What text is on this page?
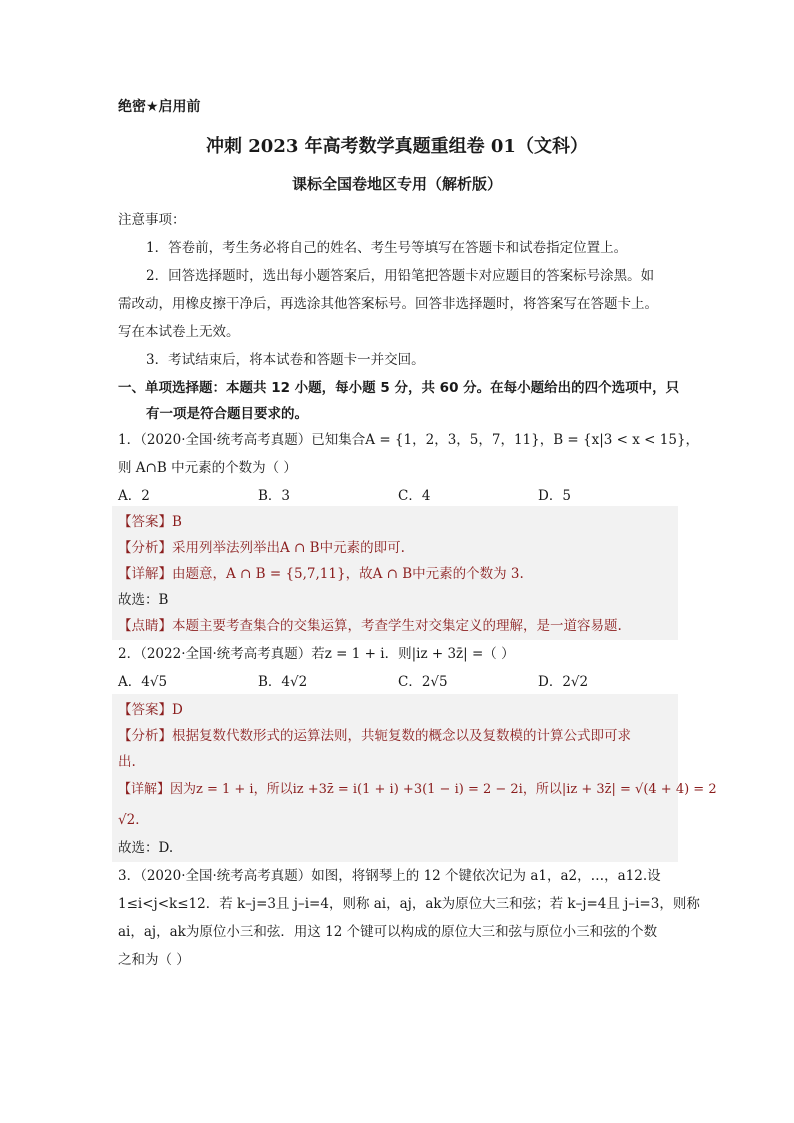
绝密★启用前
冲刺 2023 年高考数学真题重组卷 01（文科）
课标全国卷地区专用（解析版）
注意事项：
1．答卷前，考生务必将自己的姓名、考生号等填写在答题卡和试卷指定位置上。
2．回答选择题时，选出每小题答案后，用铅笔把答题卡对应题目的答案标号涂黑。如
需改动，用橡皮擦干净后，再选涂其他答案标号。回答非选择题时，将答案写在答题卡上。
写在本试卷上无效。
3．考试结束后，将本试卷和答题卡一并交回。
一、单项选择题：本题共 12 小题，每小题 5 分，共 60 分。在每小题给出的四个选项中，只
有一项是符合题目要求的。
1．（2020·全国·统考高考真题）已知集合A = {1，2，3，5，7，11}，B = {x|3 < x < 15}，
则 A∩B 中元素的个数为（ ）
A．2	B．3	C．4	D．5
【答案】B
【分析】采用列举法列举出A ∩ B中元素的即可.
【详解】由题意，A ∩ B = {5,7,11}，故A ∩ B中元素的个数为 3.
故选：B
【点睛】本题主要考查集合的交集运算，考查学生对交集定义的理解，是一道容易题.
2．（2022·全国·统考高考真题）若z = 1 + i．则|iz + 3z̄| =（ ）
A．4√5	B．4√2	C．2√5	D．2√2
【答案】D
【分析】根据复数代数形式的运算法则，共轭复数的概念以及复数模的计算公式即可求
出.
【详解】因为z = 1 + i，所以iz +3z̄ = i(1 + i) +3(1 − i) = 2 − 2i，所以|iz + 3z̄| = √(4 + 4) = 2
√2．
故选：D.
3．（2020·全国·统考高考真题）如图，将钢琴上的 12 个键依次记为 a1，a2，…，a12.设
1≤i<j<k≤12．若 k–j=3且 j–i=4，则称 ai，aj，ak为原位大三和弦；若 k–j=4且 j–i=3，则称
ai，aj，ak为原位小三和弦．用这 12 个键可以构成的原位大三和弦与原位小三和弦的个数
之和为（ ）
